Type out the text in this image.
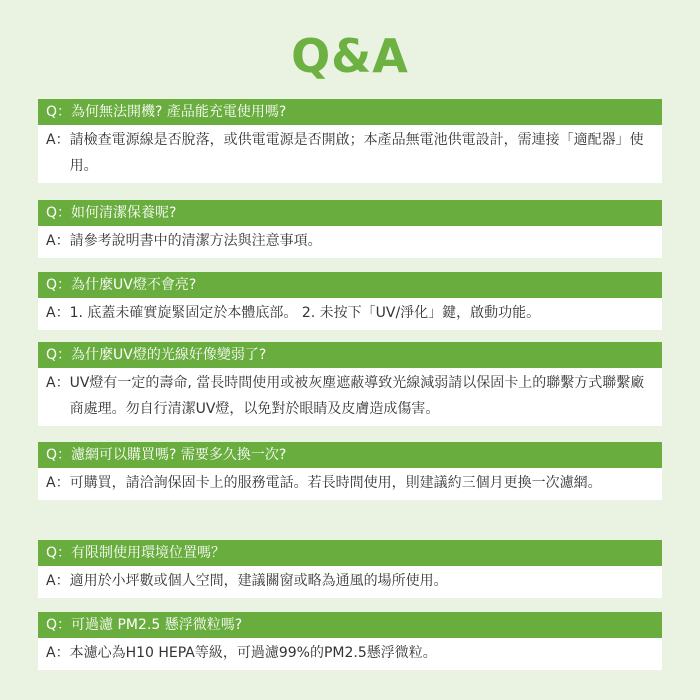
Q&A
Q：為何無法開機? 產品能充電使用嗎?
A： 請檢查電源線是否脫落，或供電電源是否開啟；本產品無電池供電設計，需連接「適配器」使用。
Q：如何清潔保養呢?
A： 請參考說明書中的清潔方法與注意事項。
Q：為什麼UV燈不會亮?
A： 1. 底蓋未確實旋緊固定於本體底部。 2. 未按下「UV/淨化」鍵，啟動功能。
Q：為什麼UV燈的光線好像變弱了?
A： UV燈有一定的壽命, 當長時間使用或被灰塵遮蔽導致光線減弱請以保固卡上的聯繫方式聯繫廠商處理。勿自行清潔UV燈，以免對於眼睛及皮膚造成傷害。
Q：濾網可以購買嗎? 需要多久換一次?
A： 可購買，請洽詢保固卡上的服務電話。若長時間使用，則建議約三個月更換一次濾網。
Q：有限制使用環境位置嗎？
A： 適用於小坪數或個人空間，建議關窗或略為通風的場所使用。
Q：可過濾 PM2.5 懸浮微粒嗎?
A： 本濾心為H10 HEPA等級，可過濾99%的PM2.5懸浮微粒。
